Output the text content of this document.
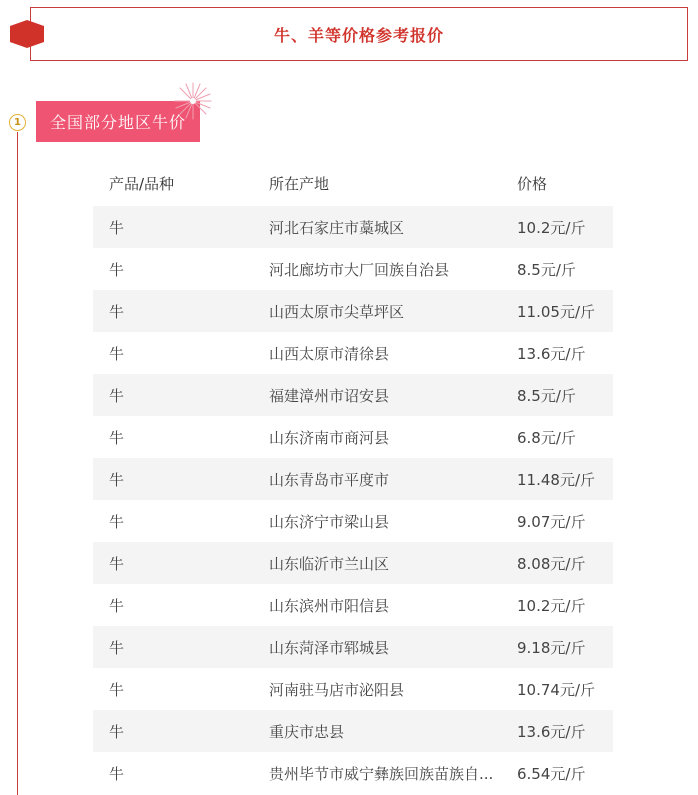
牛、羊等价格参考报价
1	全国部分地区牛价
产品/品种	所在产地	价格
牛	河北石家庄市藁城区	10.2元/斤
牛	河北廊坊市大厂回族自治县	8.5元/斤
牛	山西太原市尖草坪区	11.05元/斤
牛	山西太原市清徐县	13.6元/斤
牛	福建漳州市诏安县	8.5元/斤
牛	山东济南市商河县	6.8元/斤
牛	山东青岛市平度市	11.48元/斤
牛	山东济宁市梁山县	9.07元/斤
牛	山东临沂市兰山区	8.08元/斤
牛	山东滨州市阳信县	10.2元/斤
牛	山东菏泽市郓城县	9.18元/斤
牛	河南驻马店市泌阳县	10.74元/斤
牛	重庆市忠县	13.6元/斤
牛	贵州毕节市威宁彝族回族苗族自...	6.54元/斤
